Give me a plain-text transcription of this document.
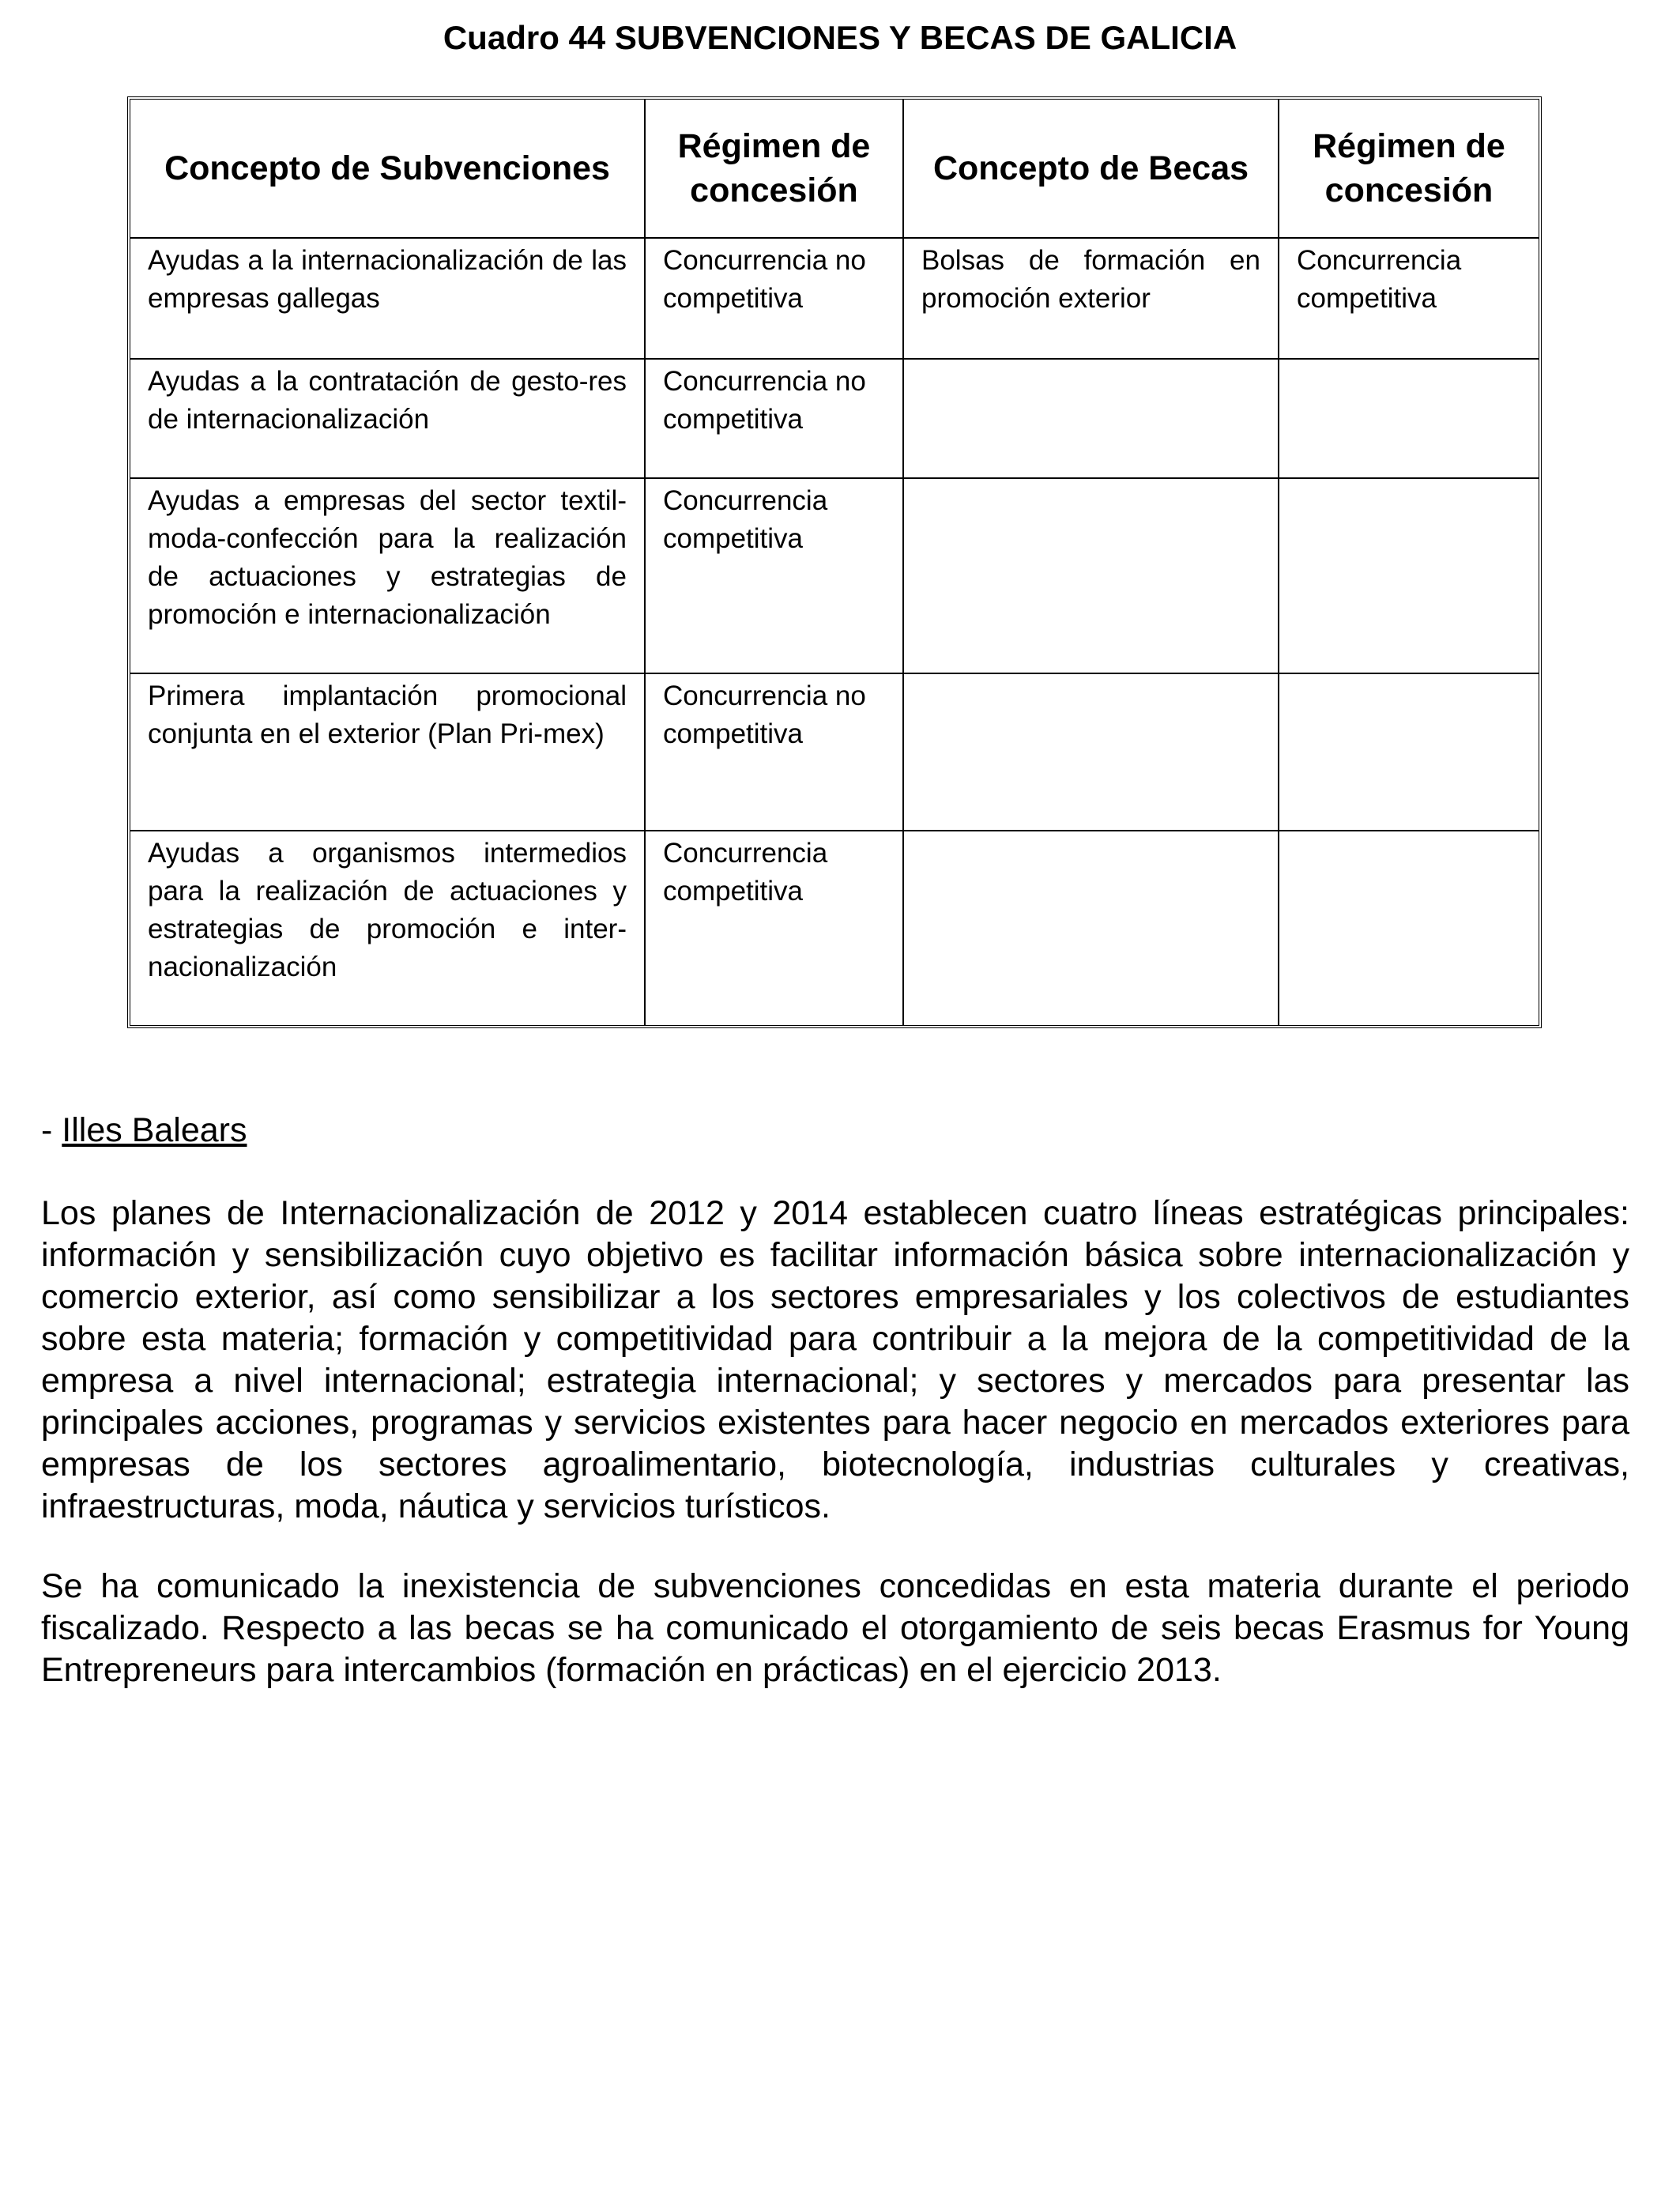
Cuadro 44 SUBVENCIONES Y BECAS DE GALICIA
Concepto de Subvenciones	Régimen de concesión	Concepto de Becas	Régimen de concesión
Ayudas a la internacionalización de las empresas gallegas	Concurrencia no competitiva	Bolsas de formación en promoción exterior	Concurrencia competitiva
Ayudas a la contratación de gesto-res de internacionalización	Concurrencia no competitiva		
Ayudas a empresas del sector textil-moda-confección para la realización de actuaciones y estrategias de promoción e internacionalización	Concurrencia competitiva		
Primera implantación promocional conjunta en el exterior (Plan Pri-mex)	Concurrencia no competitiva		
Ayudas a organismos intermedios para la realización de actuaciones y estrategias de promoción e inter-nacionalización	Concurrencia competitiva		
- Illes Balears

Los planes de Internacionalización de 2012 y 2014 establecen cuatro líneas estratégicas principales: información y sensibilización cuyo objetivo es facilitar información básica sobre internacionalización y comercio exterior, así como sensibilizar a los sectores empresariales y los colectivos de estudiantes sobre esta materia; formación y competitividad para contribuir a la mejora de la competitividad de la empresa a nivel internacional; estrategia internacional; y sectores y mercados para presentar las principales acciones, programas y servicios existentes para hacer negocio en mercados exteriores para empresas de los sectores agroalimentario, biotecnología, industrias culturales y creativas, infraestructuras, moda, náutica y servicios turísticos.

Se ha comunicado la inexistencia de subvenciones concedidas en esta materia durante el periodo fiscalizado. Respecto a las becas se ha comunicado el otorgamiento de seis becas Erasmus for Young Entrepreneurs para intercambios (formación en prácticas) en el ejercicio 2013.
